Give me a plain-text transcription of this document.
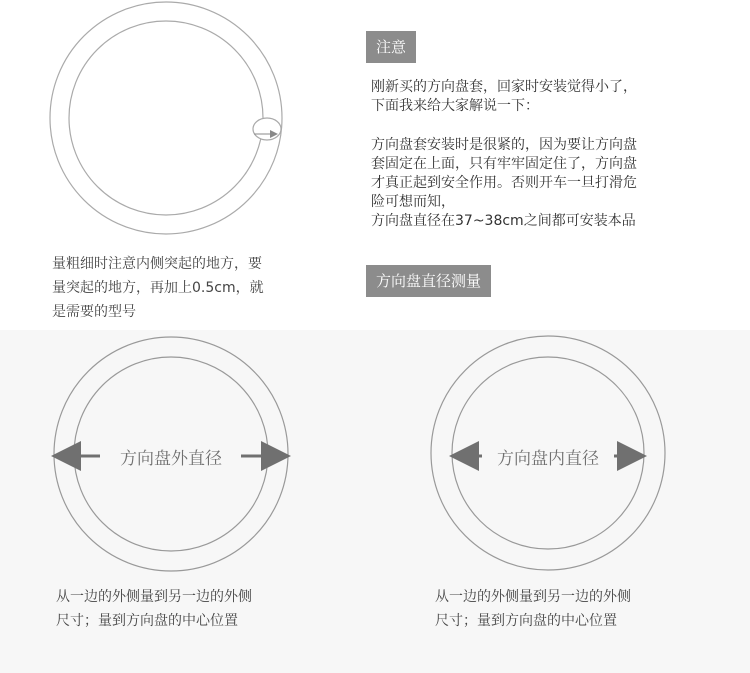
量粗细时注意内侧突起的地方，要
量突起的地方，再加上0.5cm，就
是需要的型号
注意

刚新买的方向盘套，回家时安装觉得小了，

下面我来给大家解说一下：

方向盘套安装时是很紧的，因为要让方向盘

套固定在上面，只有牢牢固定住了，方向盘

才真正起到安全作用。否则开车一旦打滑危

险可想而知，

方向盘直径在37~38cm之间都可安装本品

方向盘直径测量
方向盘外直径	方向盘内直径
从一边的外侧量到另一边的外侧
尺寸；量到方向盘的中心位置
从一边的外侧量到另一边的外侧
尺寸；量到方向盘的中心位置
